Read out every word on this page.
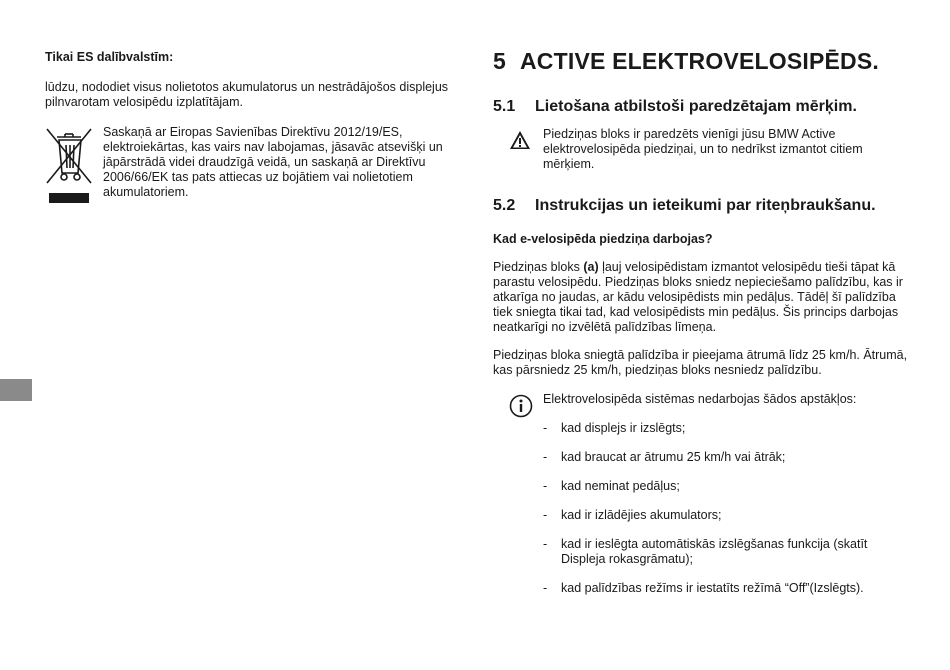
Tikai ES dalībvalstīm:

lūdzu, nododiet visus nolietotos akumulatorus un nestrādājošos displejus pilnvarotam velosipēdu izplatītājam.

Saskaņā ar Eiropas Savienības Direktīvu 2012/19/ES, elektroiekārtas, kas vairs nav labojamas, jāsavāc atsevišķi un jāpārstrādā videi draudzīgā veidā, un saskaņā ar Direktīvu 2006/66/EK tas pats attiecas uz bojātiem vai nolietotiem akumulatoriem.

5 ACTIVE ELEKTROVELOSIPĒDS.
5.1 Lietošana atbilstoši paredzētajam mērķim.

Piedziņas bloks ir paredzēts vienīgi jūsu BMW Active elektrovelosipēda piedziņai, un to nedrīkst izmantot citiem mērķiem.

5.2 Instrukcijas un ieteikumi par riteņbraukšanu.

Kad e-velosipēda piedziņa darbojas?

Piedziņas bloks (a) ļauj velosipēdistam izmantot velosipēdu tieši tāpat kā parastu velosipēdu. Piedziņas bloks sniedz nepieciešamo palīdzību, kas ir atkarīga no jaudas, ar kādu velosipēdists min pedāļus. Tādēļ šī palīdzība tiek sniegta tikai tad, kad velosipēdists min pedāļus. Šis princips darbojas neatkarīgi no izvēlētā palīdzības līmeņa.

Piedziņas bloka sniegtā palīdzība ir pieejama ātrumā līdz 25 km/h. Ātrumā, kas pārsniedz 25 km/h, piedziņas bloks nesniedz palīdzību.

Elektrovelosipēda sistēmas nedarbojas šādos apstākļos:

- kad displejs ir izslēgts;
- kad braucat ar ātrumu 25 km/h vai ātrāk;
- kad neminat pedāļus;
- kad ir izlādējies akumulators;
- kad ir ieslēgta automātiskās izslēgšanas funkcija (skatīt Displeja rokasgrāmatu);
- kad palīdzības režīms ir iestatīts režīmā “Off”(Izslēgts).
